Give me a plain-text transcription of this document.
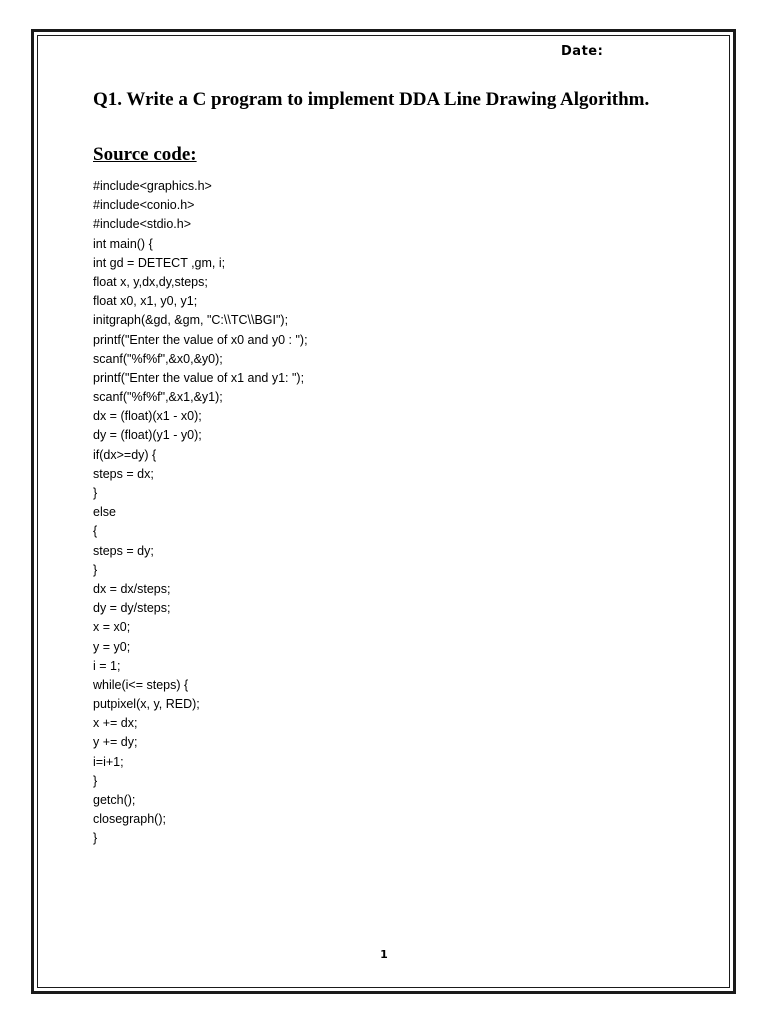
Date:
Q1. Write a C program to implement DDA Line Drawing Algorithm.
Source code:
#include<graphics.h>
#include<conio.h>
#include<stdio.h>
int main() {
int gd = DETECT ,gm, i;
float x, y,dx,dy,steps;
float x0, x1, y0, y1;
initgraph(&gd, &gm, "C:\\TC\\BGI");
printf("Enter the value of x0 and y0 : ");
scanf("%f%f",&x0,&y0);
printf("Enter the value of x1 and y1: ");
scanf("%f%f",&x1,&y1);
dx = (float)(x1 - x0);
dy = (float)(y1 - y0);
if(dx>=dy) {
steps = dx;
}
else
{
steps = dy;
}
dx = dx/steps;
dy = dy/steps;
x = x0;
y = y0;
i = 1;
while(i<= steps) {
putpixel(x, y, RED);
x += dx;
y += dy;
i=i+1;
}
getch();
closegraph();
}
1
